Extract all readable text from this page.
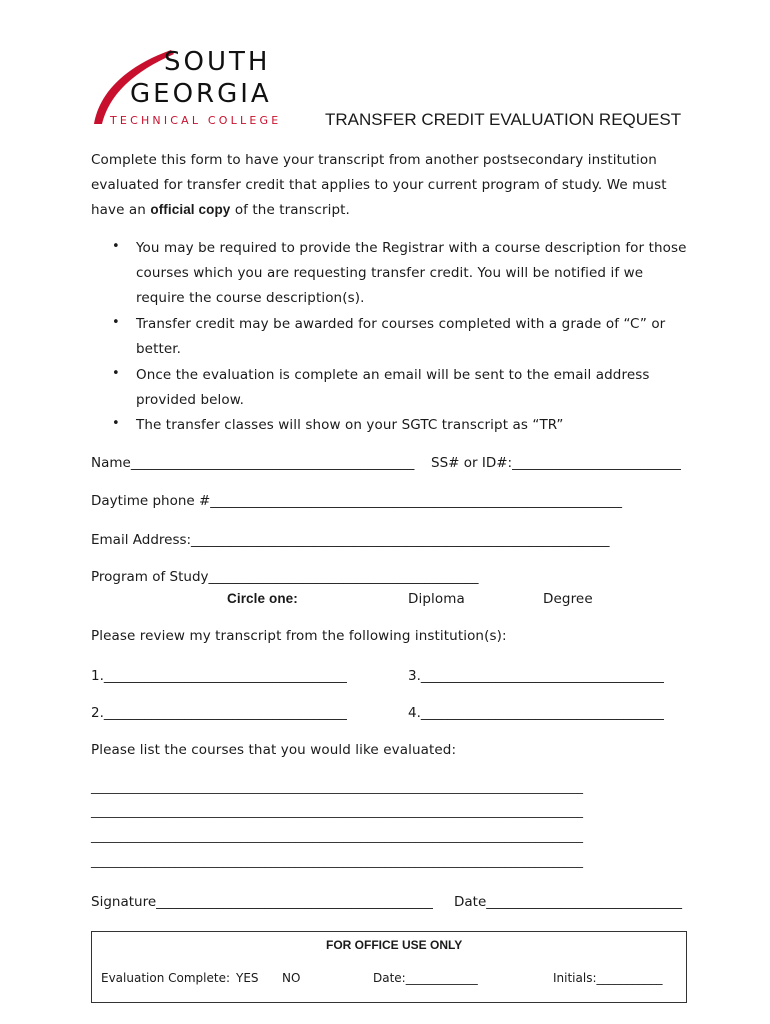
SOUTH
GEORGIA
TECHNICAL COLLEGE	TRANSFER CREDIT EVALUATION REQUEST
Complete this form to have your transcript from another postsecondary institution
evaluated for transfer credit that applies to your current program of study. We must
have an official copy of the transcript.
• You may be required to provide the Registrar with a course description for those
courses which you are requesting transfer credit. You will be notified if we
require the course description(s).
• Transfer credit may be awarded for courses completed with a grade of “C” or
better.
• Once the evaluation is complete an email will be sent to the email address
provided below.
• The transfer classes will show on your SGTC transcript as “TR”
Name__________________________________________ SS# or ID#:_________________________
Daytime phone #_____________________________________________________________
Email Address:______________________________________________________________
Program of Study________________________________________
Circle one:	Diploma	Degree
Please review my transcript from the following institution(s):
1.____________________________________	3.____________________________________
2.____________________________________	4.____________________________________
Please list the courses that you would like evaluated:
__________________________________________________________________________________
__________________________________________________________________________________
__________________________________________________________________________________
__________________________________________________________________________________
Signature_________________________________________ Date_____________________________
FOR OFFICE USE ONLY
Evaluation Complete: YES NO	Date:____________	Initials:___________
